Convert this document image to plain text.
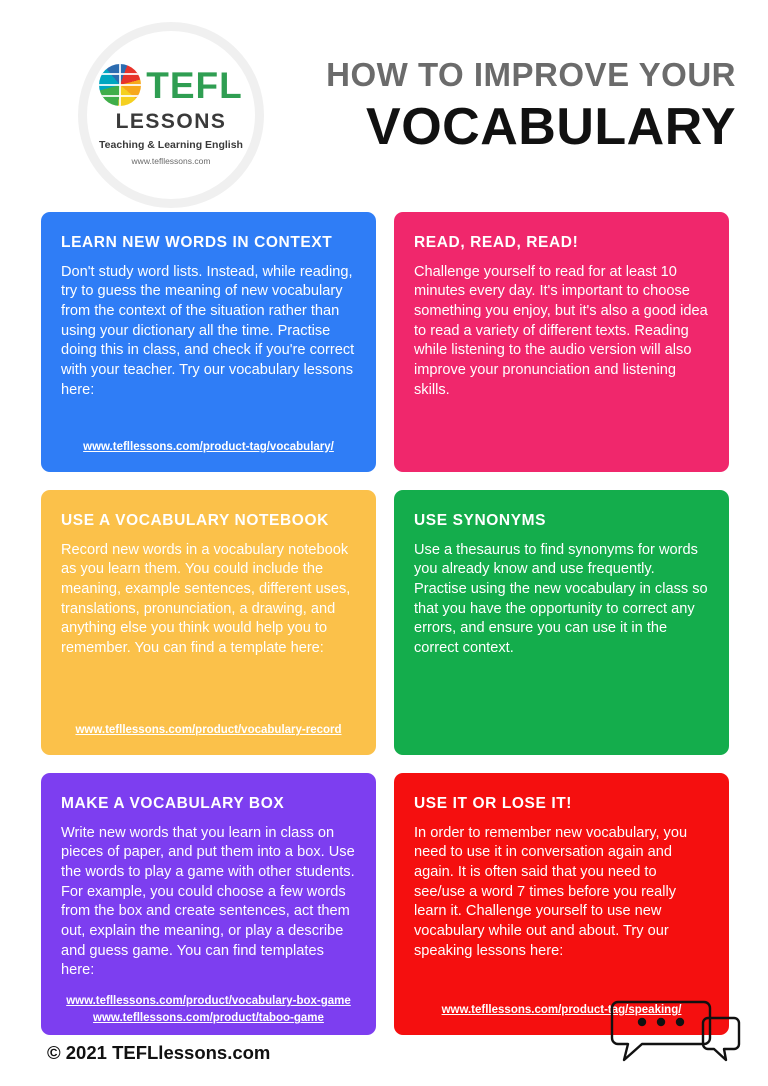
TEFL
LESSONS
Teaching & Learning English
www.tefllessons.com
HOW TO IMPROVE YOUR
VOCABULARY
LEARN NEW WORDS IN CONTEXT
Don't study word lists. Instead, while reading, try to guess the meaning of new vocabulary from the context of the situation rather than using your dictionary all the time. Practise doing this in class, and check if you're correct with your teacher. Try our vocabulary lessons here:
www.tefllessons.com/product-tag/vocabulary/
READ, READ, READ!
Challenge yourself to read for at least 10 minutes every day. It's important to choose something you enjoy, but it's also a good idea to read a variety of different texts. Reading while listening to the audio version will also improve your pronunciation and listening skills.
USE A VOCABULARY NOTEBOOK
Record new words in a vocabulary notebook as you learn them. You could include the meaning, example sentences, different uses, translations, pronunciation, a drawing, and anything else you think would help you to remember. You can find a template here:
www.tefllessons.com/product/vocabulary-record
USE SYNONYMS
Use a thesaurus to find synonyms for words you already know and use frequently. Practise using the new vocabulary in class so that you have the opportunity to correct any errors, and ensure you can use it in the correct context.
MAKE A VOCABULARY BOX
Write new words that you learn in class on pieces of paper, and put them into a box. Use the words to play a game with other students. For example, you could choose a few words from the box and create sentences, act them out, explain the meaning, or play a describe and guess game. You can find templates here:
www.tefllessons.com/product/vocabulary-box-game
www.tefllessons.com/product/taboo-game
USE IT OR LOSE IT!
In order to remember new vocabulary, you need to use it in conversation again and again. It is often said that you need to see/use a word 7 times before you really learn it. Challenge yourself to use new vocabulary while out and about. Try our speaking lessons here:
www.tefllessons.com/product-tag/speaking/
© 2021 TEFLlessons.com
